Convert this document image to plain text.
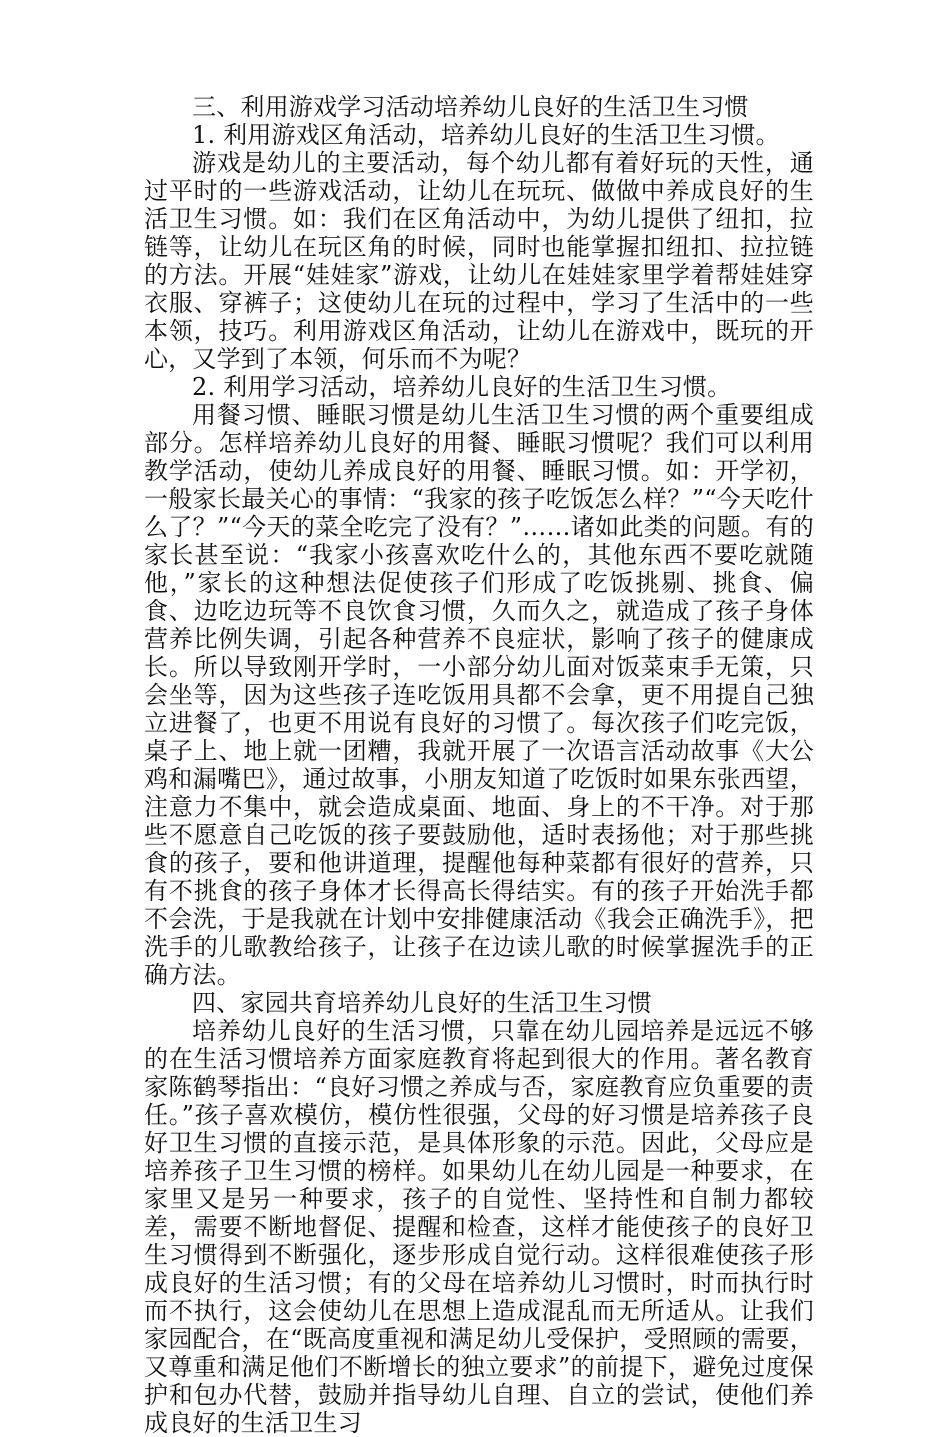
三、利用游戏学习活动培养幼儿良好的生活卫生习惯

1. 利用游戏区角活动，培养幼儿良好的生活卫生习惯。

游戏是幼儿的主要活动，每个幼儿都有着好玩的天性，通过平时的一些游戏活动，让幼儿在玩玩、做做中养成良好的生活卫生习惯。如：我们在区角活动中，为幼儿提供了纽扣，拉链等，让幼儿在玩区角的时候，同时也能掌握扣纽扣、拉拉链的方法。开展“娃娃家”游戏，让幼儿在娃娃家里学着帮娃娃穿衣服、穿裤子；这使幼儿在玩的过程中，学习了生活中的一些本领，技巧。利用游戏区角活动，让幼儿在游戏中，既玩的开心，又学到了本领，何乐而不为呢？

2. 利用学习活动，培养幼儿良好的生活卫生习惯。

用餐习惯、睡眠习惯是幼儿生活卫生习惯的两个重要组成部分。怎样培养幼儿良好的用餐、睡眠习惯呢？我们可以利用教学活动，使幼儿养成良好的用餐、睡眠习惯。如：开学初，一般家长最关心的事情：“我家的孩子吃饭怎么样？”“今天吃什么了？”“今天的菜全吃完了没有？”……诸如此类的问题。有的家长甚至说：“我家小孩喜欢吃什么的，其他东西不要吃就随他，”家长的这种想法促使孩子们形成了吃饭挑剔、挑食、偏食、边吃边玩等不良饮食习惯，久而久之，就造成了孩子身体营养比例失调，引起各种营养不良症状，影响了孩子的健康成长。所以导致刚开学时，一小部分幼儿面对饭菜束手无策，只会坐等，因为这些孩子连吃饭用具都不会拿，更不用提自己独立进餐了，也更不用说有良好的习惯了。每次孩子们吃完饭，桌子上、地上就一团糟，我就开展了一次语言活动故事《大公鸡和漏嘴巴》，通过故事，小朋友知道了吃饭时如果东张西望，注意力不集中，就会造成桌面、地面、身上的不干净。对于那些不愿意自己吃饭的孩子要鼓励他，适时表扬他；对于那些挑食的孩子，要和他讲道理，提醒他每种菜都有很好的营养，只有不挑食的孩子身体才长得高长得结实。有的孩子开始洗手都不会洗，于是我就在计划中安排健康活动《我会正确洗手》，把洗手的儿歌教给孩子，让孩子在边读儿歌的时候掌握洗手的正确方法。

四、家园共育培养幼儿良好的生活卫生习惯

培养幼儿良好的生活习惯，只靠在幼儿园培养是远远不够的在生活习惯培养方面家庭教育将起到很大的作用。著名教育家陈鹤琴指出：“良好习惯之养成与否，家庭教育应负重要的责任。”孩子喜欢模仿，模仿性很强，父母的好习惯是培养孩子良好卫生习惯的直接示范，是具体形象的示范。因此，父母应是培养孩子卫生习惯的榜样。如果幼儿在幼儿园是一种要求，在家里又是另一种要求，孩子的自觉性、坚持性和自制力都较差，需要不断地督促、提醒和检查，这样才能使孩子的良好卫生习惯得到不断强化，逐步形成自觉行动。这样很难使孩子形成良好的生活习惯；有的父母在培养幼儿习惯时，时而执行时而不执行，这会使幼儿在思想上造成混乱而无所适从。让我们家园配合，在“既高度重视和满足幼儿受保护，受照顾的需要，又尊重和满足他们不断增长的独立要求”的前提下，避免过度保护和包办代替，鼓励并指导幼儿自理、自立的尝试，使他们养成良好的生活卫生习
